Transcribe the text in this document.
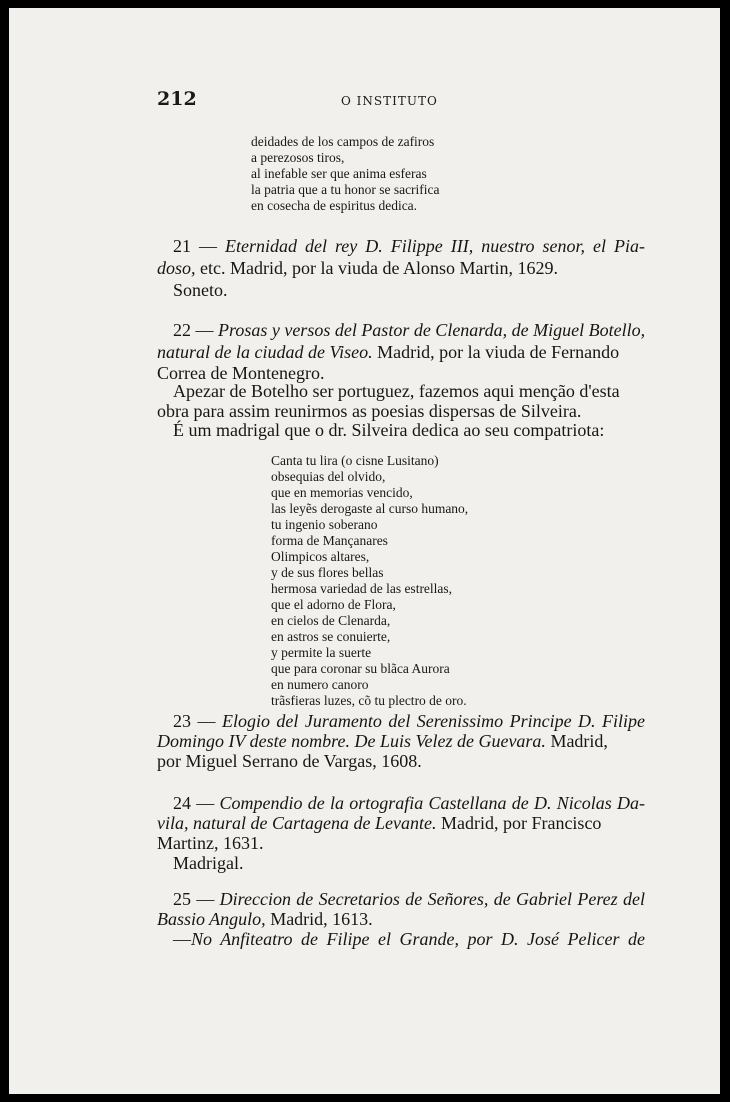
212	O INSTITUTO
deidades de los campos de zafiros
a perezosos tiros,
al inefable ser que anima esferas
la patria que a tu honor se sacrifica
en cosecha de espiritus dedica.
21 — Eternidad del rey D. Filippe III, nuestro senor, el Pia-
doso, etc. Madrid, por la viuda de Alonso Martin, 1629.
Soneto.
22 — Prosas y versos del Pastor de Clenarda, de Miguel Botello,
natural de la ciudad de Viseo. Madrid, por la viuda de Fernando
Correa de Montenegro.
Apezar de Botelho ser portuguez, fazemos aqui menção d'esta
obra para assim reunirmos as poesias dispersas de Silveira.
É um madrigal que o dr. Silveira dedica ao seu compatriota:
Canta tu lira (o cisne Lusitano)
obsequias del olvido,
que en memorias vencido,
las leyẽs derogaste al curso humano,
tu ingenio soberano
forma de Mançanares
Olimpicos altares,
y de sus flores bellas
hermosa variedad de las estrellas,
que el adorno de Flora,
en cielos de Clenarda,
en astros se conuierte,
y permite la suerte
que para coronar su blãca Aurora
en numero canoro
trãsfieras luzes, cõ tu plectro de oro.
23 — Elogio del Juramento del Serenissimo Principe D. Filipe
Domingo IV deste nombre. De Luis Velez de Guevara. Madrid,
por Miguel Serrano de Vargas, 1608.
24 — Compendio de la ortografia Castellana de D. Nicolas Da-
vila, natural de Cartagena de Levante. Madrid, por Francisco
Martinz, 1631.
Madrigal.
25 — Direccion de Secretarios de Señores, de Gabriel Perez del
Bassio Angulo, Madrid, 1613.
—No Anfiteatro de Filipe el Grande, por D. José Pelicer de
